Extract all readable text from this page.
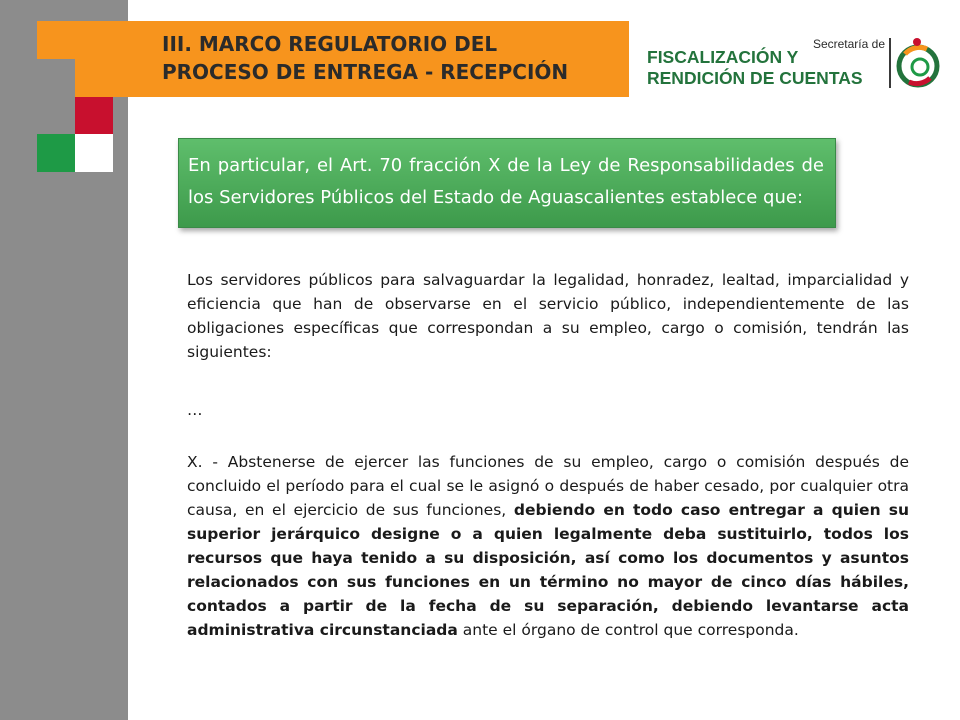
III. MARCO REGULATORIO DEL
PROCESO DE ENTREGA - RECEPCIÓN
Secretaría de
FISCALIZACIÓN Y
RENDICIÓN DE CUENTAS
En particular, el Art. 70 fracción X de la Ley de Responsabilidades de los Servidores Públicos del Estado de Aguascalientes establece que:
Los servidores públicos para salvaguardar la legalidad, honradez, lealtad, imparcialidad y eficiencia que han de observarse en el servicio público, independientemente de las obligaciones específicas que correspondan a su empleo, cargo o comisión, tendrán las siguientes:
…
X. - Abstenerse de ejercer las funciones de su empleo, cargo o comisión después de concluido el período para el cual se le asignó o después de haber cesado, por cualquier otra causa, en el ejercicio de sus funciones, debiendo en todo caso entregar a quien su superior jerárquico designe o a quien legalmente deba sustituirlo, todos los recursos que haya tenido a su disposición, así como los documentos y asuntos relacionados con sus funciones en un término no mayor de cinco días hábiles, contados a partir de la fecha de su separación, debiendo levantarse acta administrativa circunstanciada ante el órgano de control que corresponda.
